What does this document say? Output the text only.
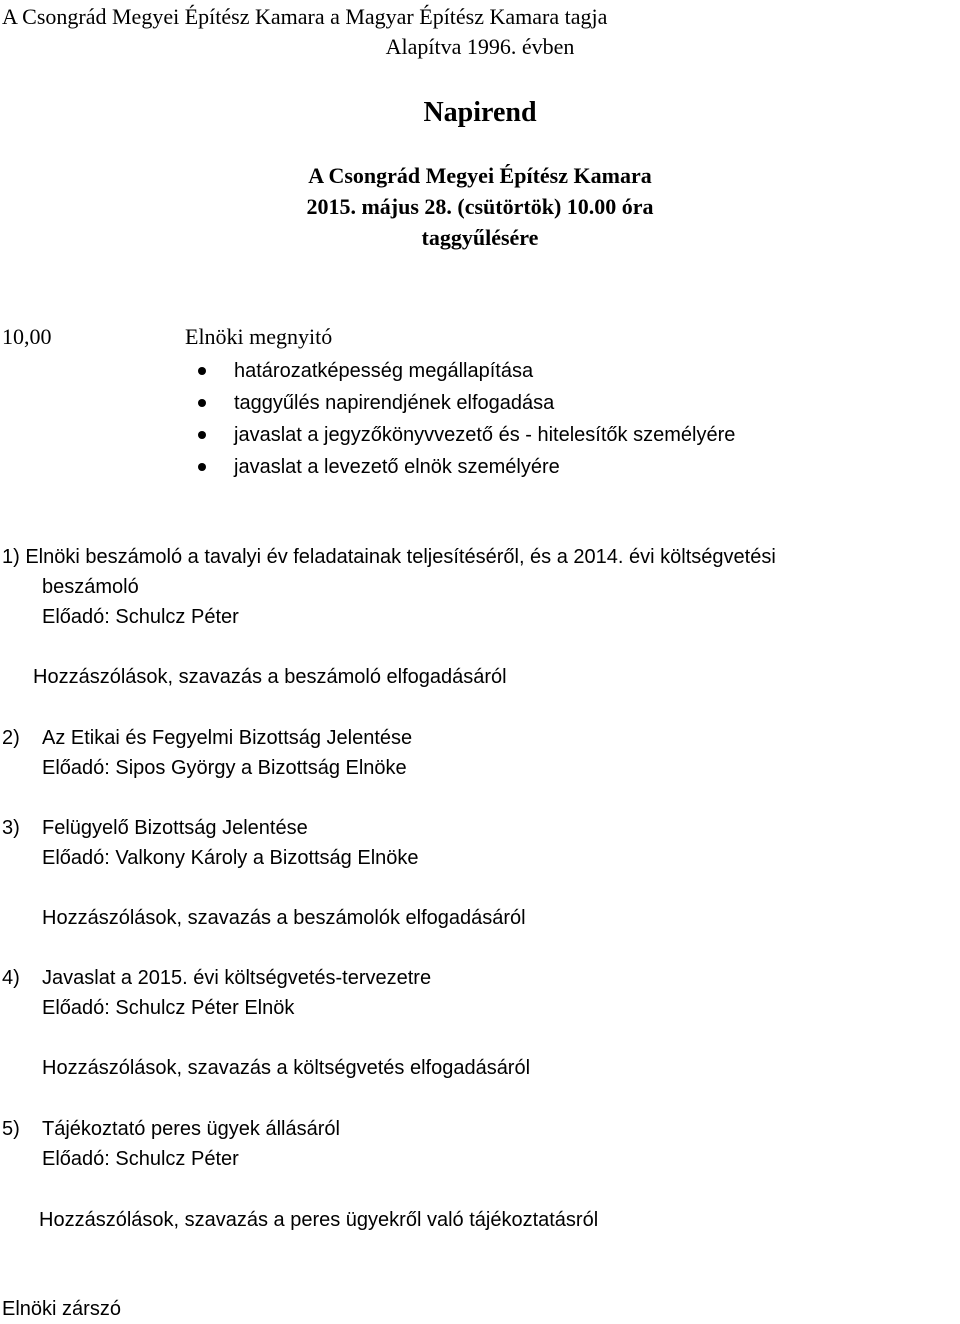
A Csongrád Megyei Építész Kamara a Magyar Építész Kamara tagja
Alapítva 1996. évben
Napirend
A Csongrád Megyei Építész Kamara
2015. május 28. (csütörtök) 10.00 óra
taggyűlésére
10,00	Elnöki megnyitó
határozatképesség megállapítása
taggyűlés napirendjének elfogadása
javaslat a jegyzőkönyvvezető és - hitelesítők személyére
javaslat a levezető elnök személyére
1) Elnöki beszámoló a tavalyi év feladatainak teljesítéséről, és a 2014. évi költségvetési
beszámoló
Előadó: Schulcz Péter
Hozzászólások, szavazás a beszámoló elfogadásáról
2) Az Etikai és Fegyelmi Bizottság Jelentése
Előadó: Sipos György a Bizottság Elnöke
3) Felügyelő Bizottság Jelentése
Előadó: Valkony Károly a Bizottság Elnöke
Hozzászólások, szavazás a beszámolók elfogadásáról
4) Javaslat a 2015. évi költségvetés-tervezetre
Előadó: Schulcz Péter Elnök
Hozzászólások, szavazás a költségvetés elfogadásáról
5) Tájékoztató peres ügyek állásáról
Előadó: Schulcz Péter
Hozzászólások, szavazás a peres ügyekről való tájékoztatásról
Elnöki zárszó
